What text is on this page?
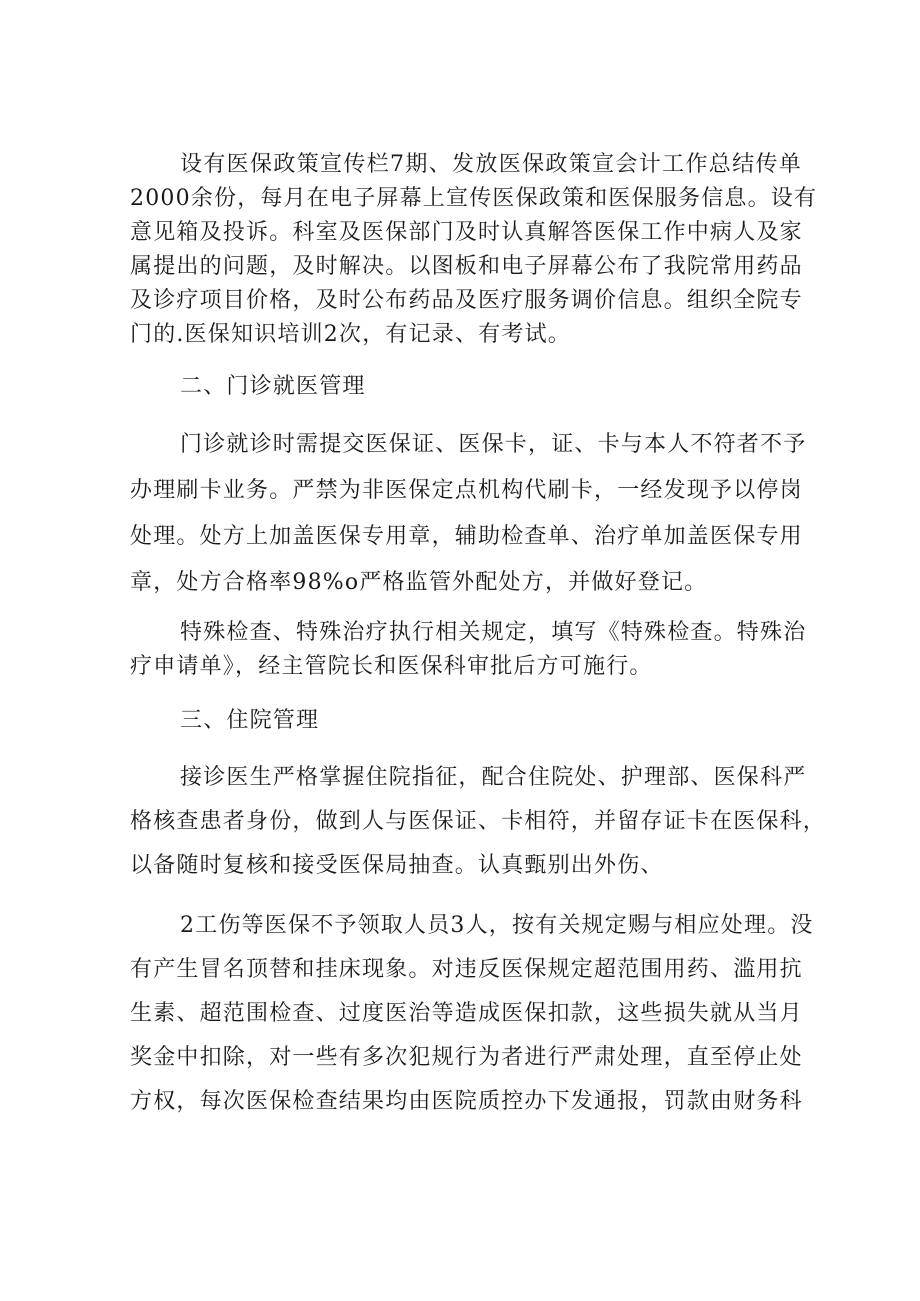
设有医保政策宣传栏7期、发放医保政策宣会计工作总结传单
2000余份，每月在电子屏幕上宣传医保政策和医保服务信息。设有
意见箱及投诉。科室及医保部门及时认真解答医保工作中病人及家
属提出的问题，及时解决。以图板和电子屏幕公布了我院常用药品
及诊疗项目价格，及时公布药品及医疗服务调价信息。组织全院专
门的.医保知识培训2次，有记录、有考试。

二、门诊就医管理

门诊就诊时需提交医保证、医保卡，证、卡与本人不符者不予
办理刷卡业务。严禁为非医保定点机构代刷卡，一经发现予以停岗
处理。处方上加盖医保专用章，辅助检查单、治疗单加盖医保专用
章，处方合格率98%o严格监管外配处方，并做好登记。

特殊检查、特殊治疗执行相关规定，填写《特殊检查。特殊治
疗申请单》，经主管院长和医保科审批后方可施行。

三、住院管理

接诊医生严格掌握住院指征，配合住院处、护理部、医保科严
格核查患者身份，做到人与医保证、卡相符，并留存证卡在医保科，
以备随时复核和接受医保局抽查。认真甄别出外伤、

2工伤等医保不予领取人员3人，按有关规定赐与相应处理。没
有产生冒名顶替和挂床现象。对违反医保规定超范围用药、滥用抗
生素、超范围检查、过度医治等造成医保扣款，这些损失就从当月
奖金中扣除，对一些有多次犯规行为者进行严肃处理，直至停止处
方权，每次医保检查结果均由医院质控办下发通报，罚款由财务科
